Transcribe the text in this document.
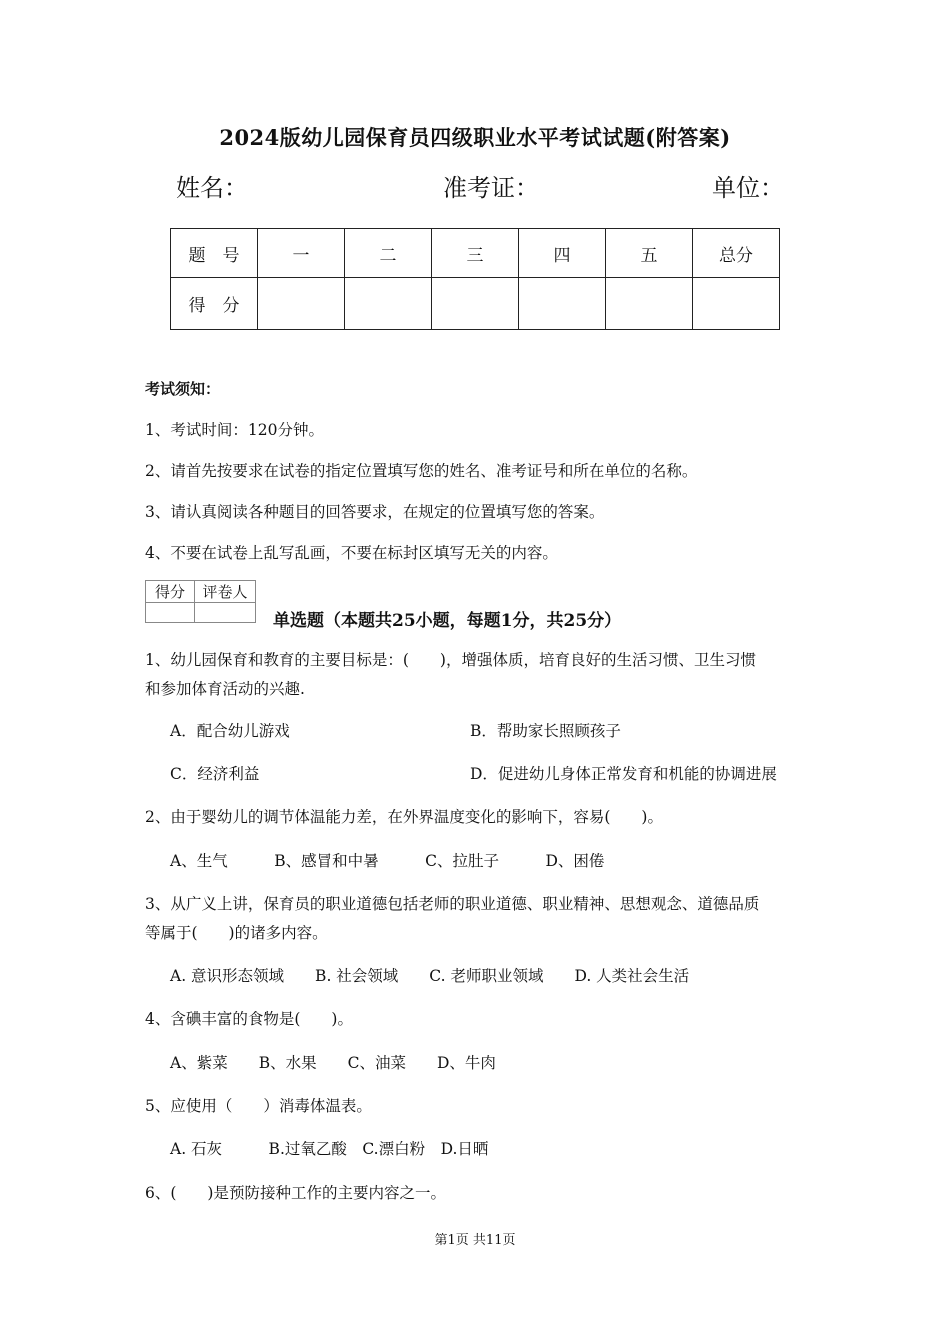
2024版幼儿园保育员四级职业水平考试试题(附答案)
姓名：	准考证：	单位：
题　号	一	二	三	四	五	总分
得　分						
考试须知：
1、考试时间：120分钟。
2、请首先按要求在试卷的指定位置填写您的姓名、准考证号和所在单位的名称。
3、请认真阅读各种题目的回答要求，在规定的位置填写您的答案。
4、不要在试卷上乱写乱画，不要在标封区填写无关的内容。
得分	评卷人

单选题（本题共25小题，每题1分，共25分）
1、幼儿园保育和教育的主要目标是：(　　)，增强体质，培育良好的生活习惯、卫生习惯
和参加体育活动的兴趣.
A．配合幼儿游戏	B．帮助家长照顾孩子
C．经济利益	D．促进幼儿身体正常发育和机能的协调进展
2、由于婴幼儿的调节体温能力差，在外界温度变化的影响下，容易(　　)。
A、生气　　　B、感冒和中暑　　　C、拉肚子　　　D、困倦
3、从广义上讲，保育员的职业道德包括老师的职业道德、职业精神、思想观念、道德品质
等属于(　　)的诸多内容。
A. 意识形态领域　　B. 社会领域　　C. 老师职业领域　　D. 人类社会生活
4、含碘丰富的食物是(　　)。
A、紫菜　　B、水果　　C、油菜　　D、牛肉
5、应使用（　　）消毒体温表。
A. 石灰　　　B.过氧乙酸　C.漂白粉　D.日晒
6、(　　)是预防接种工作的主要内容之一。
第1页 共11页
